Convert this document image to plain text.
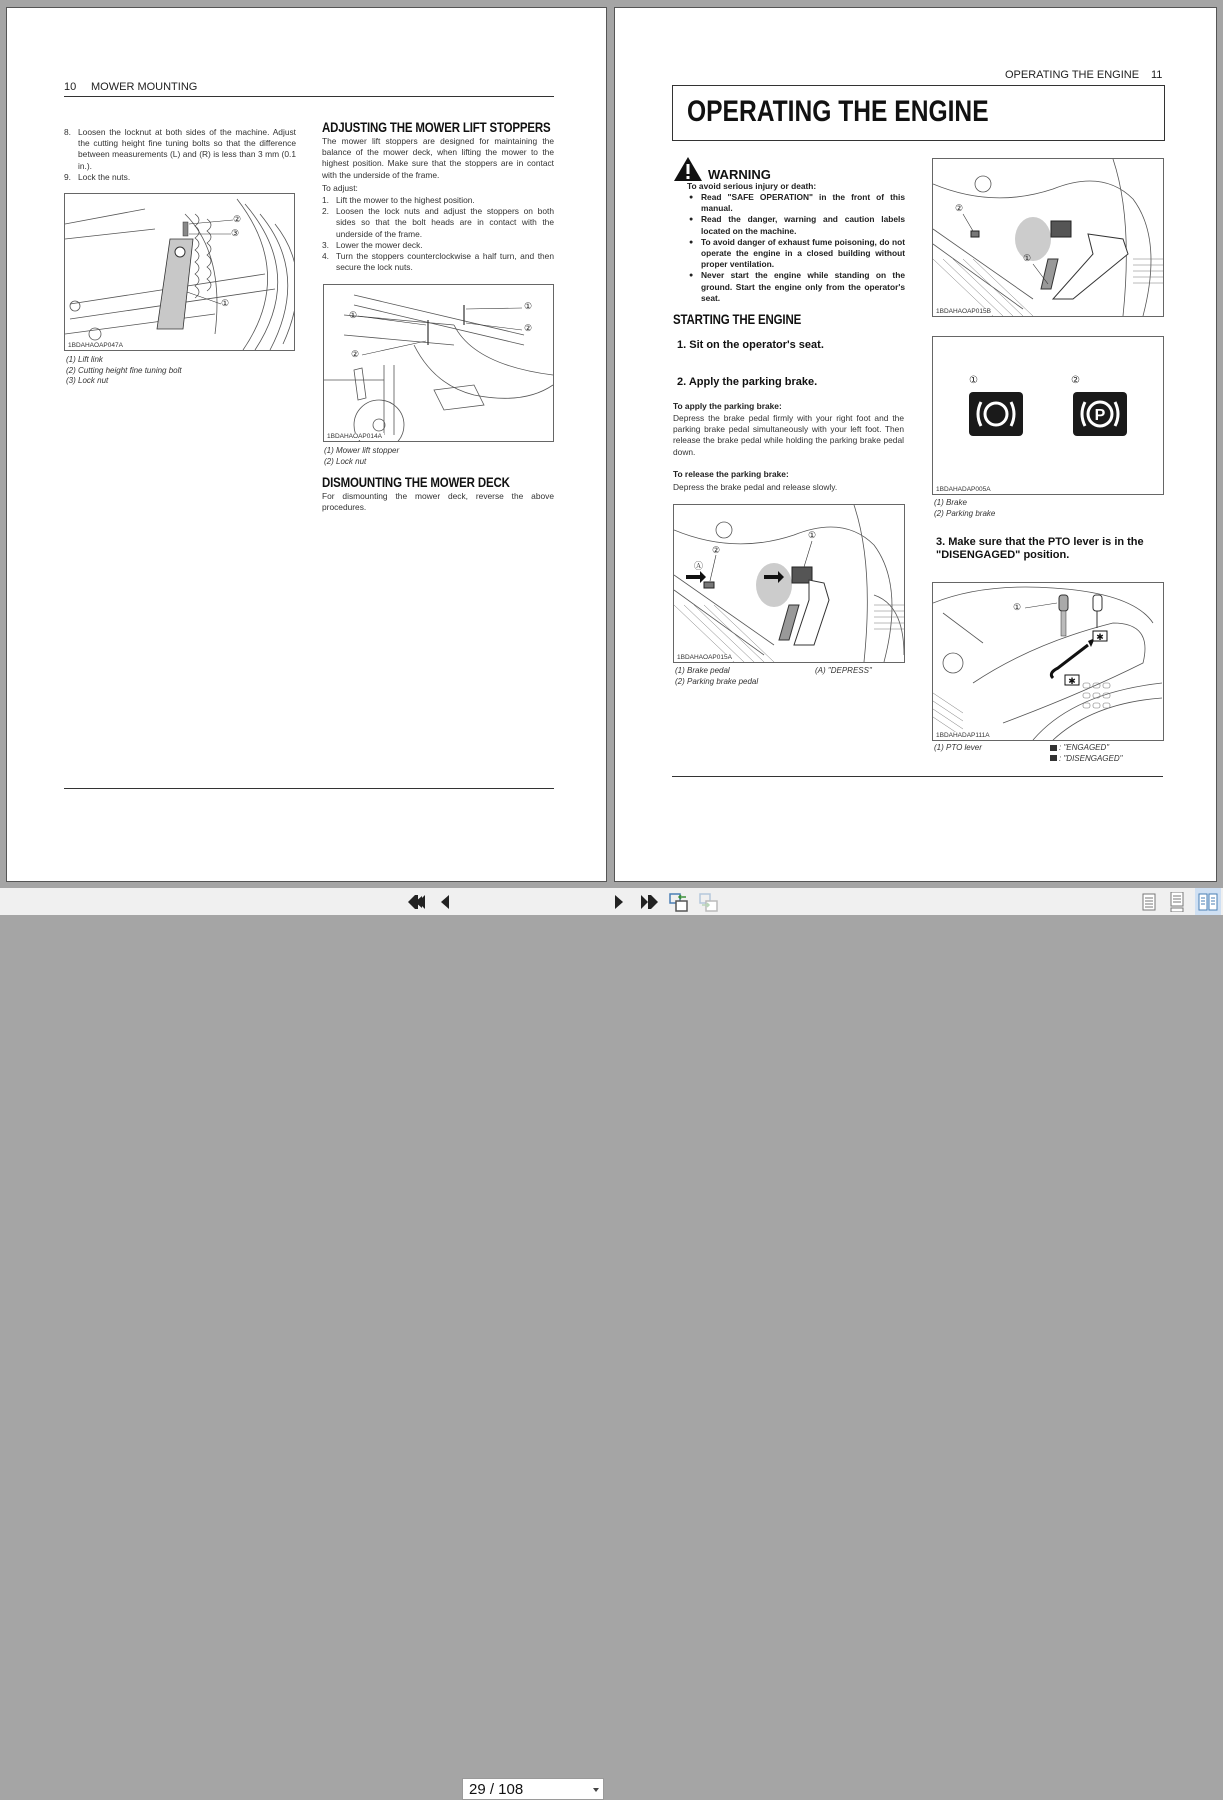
10 MOWER MOUNTING
8. Loosen the locknut at both sides of the machine. Adjust the cutting height fine tuning bolts so that the difference between measurements (L) and (R) is less than 3 mm (0.1 in.).
9. Lock the nuts.
②
③
①
1BDAHAOAP047A
(1) Lift link
(2) Cutting height fine tuning bolt
(3) Lock nut
ADJUSTING THE MOWER LIFT STOPPERS
The mower lift stoppers are designed for maintaining the balance of the mower deck, when lifting the mower to the highest position. Make sure that the stoppers are in contact with the underside of the frame.
To adjust:
1. Lift the mower to the highest position.
2. Loosen the lock nuts and adjust the stoppers on both sides so that the bolt heads are in contact with the underside of the frame.
3. Lower the mower deck.
4. Turn the stoppers counterclockwise a half turn, and then secure the lock nuts.
①
②
①
②
1BDAHAOAP014A
(1) Mower lift stopper
(2) Lock nut
DISMOUNTING THE MOWER DECK
For dismounting the mower deck, reverse the above procedures.
OPERATING THE ENGINE 11
OPERATING THE ENGINE
WARNING
To avoid serious injury or death:
● Read "SAFE OPERATION" in the front of this manual.
● Read the danger, warning and caution labels located on the machine.
● To avoid danger of exhaust fume poisoning, do not operate the engine in a closed building without proper ventilation.
● Never start the engine while standing on the ground. Start the engine only from the operator's seat.
STARTING THE ENGINE
1. Sit on the operator's seat.
2. Apply the parking brake.
To apply the parking brake:
Depress the brake pedal firmly with your right foot and the parking brake pedal simultaneously with your left foot. Then release the brake pedal while holding the parking brake pedal down.
To release the parking brake:
Depress the brake pedal and release slowly.
①
②
Ⓐ
1BDAHAOAP015A
(1) Brake pedal
(2) Parking brake pedal
(A) "DEPRESS"
②
①
1BDAHAOAP015B
①	②
P
1BDAHADAP005A
(1) Brake
(2) Parking brake
3. Make sure that the PTO lever is in the "DISENGAGED" position.
✱
✱
①
1BDAHADAP111A
(1) PTO lever	: "ENGAGED"
: "DISENGAGED"
29 / 108
